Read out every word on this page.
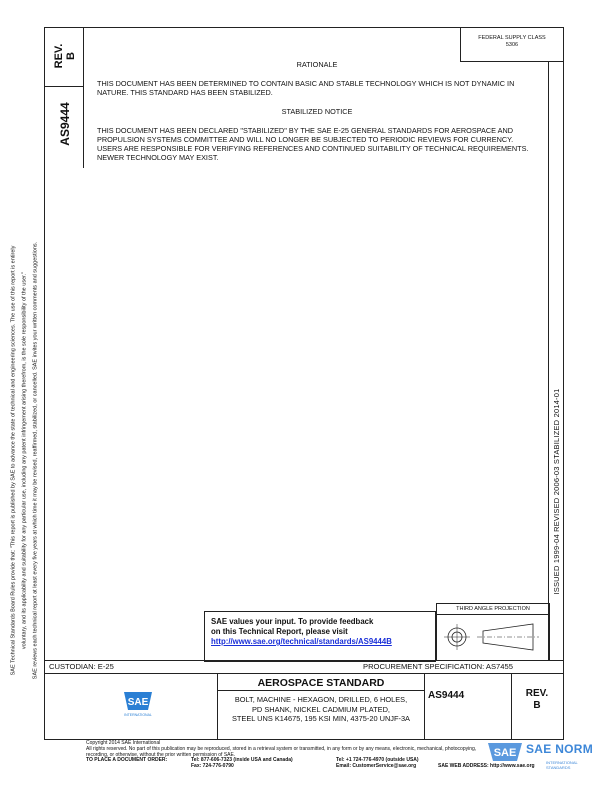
SAE Technical Standards Board Rules provide that: "This report is published by SAE to advance the state of technical and engineering sciences. The use of this report is entirely voluntary, and its applicability and suitability for any particular use, including any patent infringement arising therefrom, is the sole responsibility of the user." SAE reviews each technical report at least every five years at which time it may be revised, reaffirmed, stabilized, or cancelled. SAE invites your written comments and suggestions.
REV.
B
AS9444
FEDERAL SUPPLY CLASS
5306
ISSUED 1999-04 REVISED 2006-03 STABILIZED 2014-01

RATIONALE

THIS DOCUMENT HAS BEEN DETERMINED TO CONTAIN BASIC AND STABLE TECHNOLOGY WHICH IS NOT DYNAMIC IN NATURE. THIS STANDARD HAS BEEN STABILIZED.

STABILIZED NOTICE

THIS DOCUMENT HAS BEEN DECLARED "STABILIZED" BY THE SAE E-25 GENERAL STANDARDS FOR AEROSPACE AND PROPULSION SYSTEMS COMMITTEE AND WILL NO LONGER BE SUBJECTED TO PERIODIC REVIEWS FOR CURRENCY. USERS ARE RESPONSIBLE FOR VERIFYING REFERENCES AND CONTINUED SUITABILITY OF TECHNICAL REQUIREMENTS. NEWER TECHNOLOGY MAY EXIST.

SAE values your input. To provide feedback
on this Technical Report, please visit
http://www.sae.org/technical/standards/AS9444B
THIRD ANGLE PROJECTION
CUSTODIAN: E-25	PROCUREMENT SPECIFICATION: AS7455
SAE
INTERNATIONAL
AEROSPACE STANDARD
BOLT, MACHINE - HEXAGON, DRILLED, 6 HOLES,
PD SHANK, NICKEL CADMIUM PLATED,
STEEL UNS K14675, 195 KSI MIN, 4375-20 UNJF-3A
AS9444	REV.
B
Copyright 2014 SAE International
All rights reserved. No part of this publication may be reproduced, stored in a retrieval system or transmitted, in any form or by any means, electronic, mechanical, photocopying,
recording, or otherwise, without the prior written permission of SAE.
TO PLACE A DOCUMENT ORDER:	Tel: 877-606-7323 (inside USA and Canada)	Tel: +1 724-776-4970 (outside USA)
Fax: 724-776-0790	Email: CustomerService@sae.org	SAE WEB ADDRESS: http://www.sae.org
SAE SAE NORM
INTERNATIONAL STANDARDS
